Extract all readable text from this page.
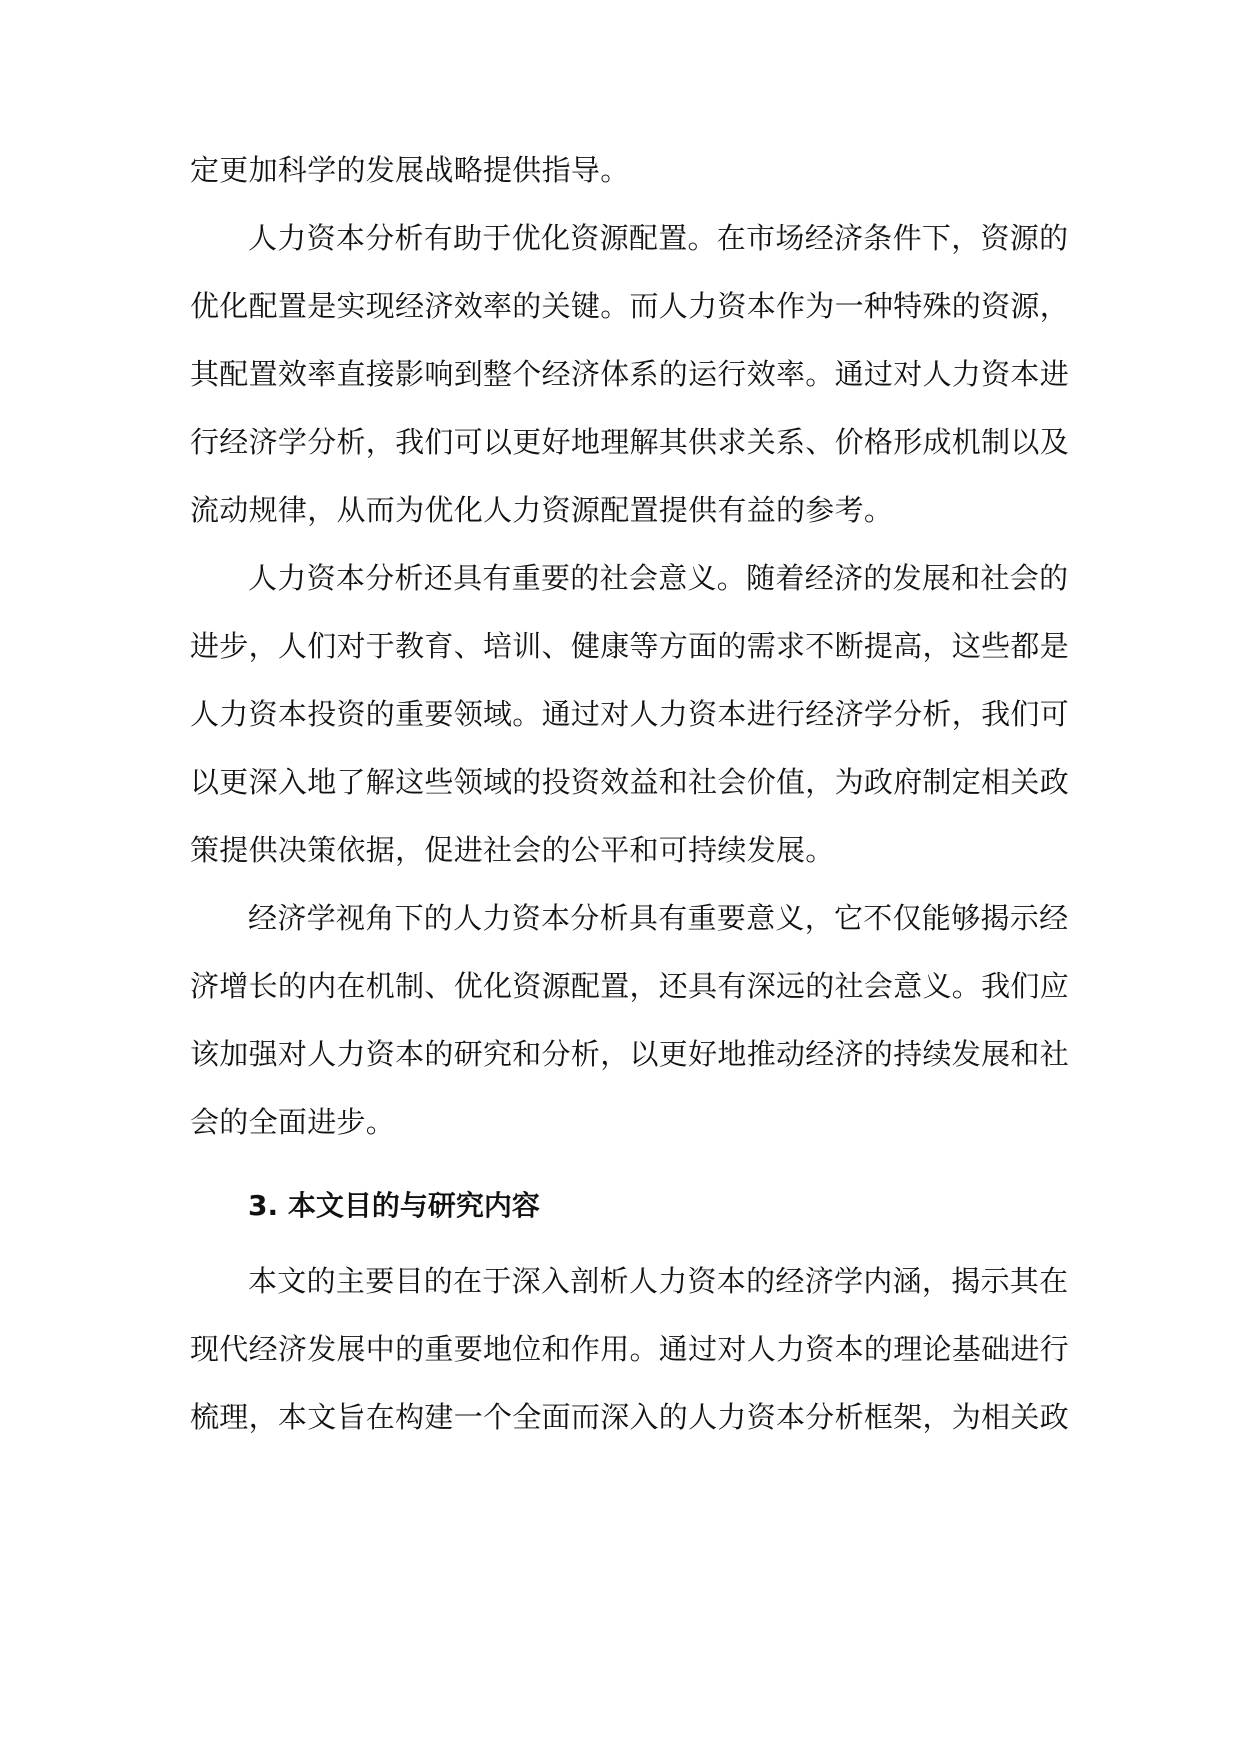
定更加科学的发展战略提供指导。
人力资本分析有助于优化资源配置。在市场经济条件下，资源的
优化配置是实现经济效率的关键。而人力资本作为一种特殊的资源，
其配置效率直接影响到整个经济体系的运行效率。通过对人力资本进
行经济学分析，我们可以更好地理解其供求关系、价格形成机制以及
流动规律，从而为优化人力资源配置提供有益的参考。
人力资本分析还具有重要的社会意义。随着经济的发展和社会的
进步，人们对于教育、培训、健康等方面的需求不断提高，这些都是
人力资本投资的重要领域。通过对人力资本进行经济学分析，我们可
以更深入地了解这些领域的投资效益和社会价值，为政府制定相关政
策提供决策依据，促进社会的公平和可持续发展。
经济学视角下的人力资本分析具有重要意义，它不仅能够揭示经
济增长的内在机制、优化资源配置，还具有深远的社会意义。我们应
该加强对人力资本的研究和分析，以更好地推动经济的持续发展和社
会的全面进步。
3. 本文目的与研究内容
本文的主要目的在于深入剖析人力资本的经济学内涵，揭示其在
现代经济发展中的重要地位和作用。通过对人力资本的理论基础进行
梳理，本文旨在构建一个全面而深入的人力资本分析框架，为相关政
